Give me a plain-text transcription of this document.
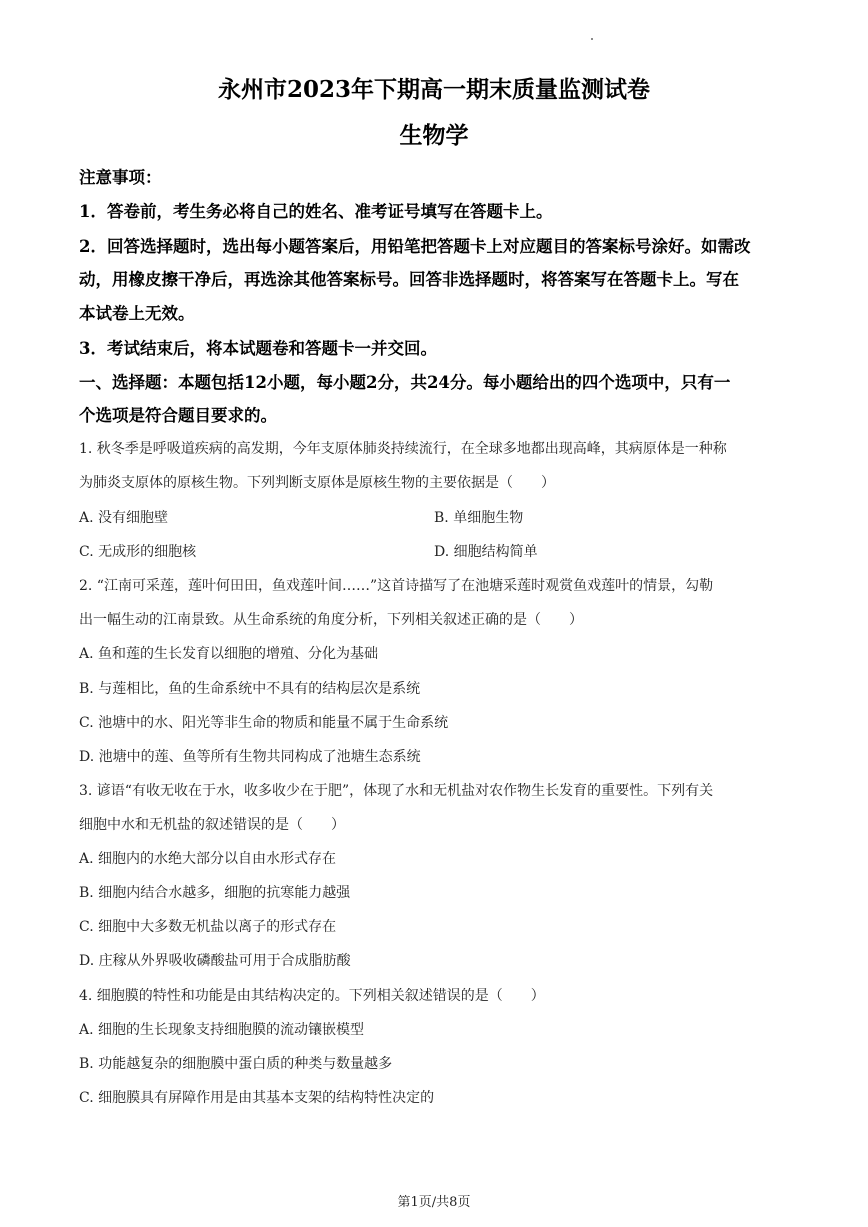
永州市2023年下期高一期末质量监测试卷
生物学
注意事项：
1．答卷前，考生务必将自己的姓名、准考证号填写在答题卡上。
2．回答选择题时，选出每小题答案后，用铅笔把答题卡上对应题目的答案标号涂好。如需改
动，用橡皮擦干净后，再选涂其他答案标号。回答非选择题时，将答案写在答题卡上。写在
本试卷上无效。
3．考试结束后，将本试题卷和答题卡一并交回。
一、选择题：本题包括12小题，每小题2分，共24分。每小题给出的四个选项中，只有一
个选项是符合题目要求的。
1. 秋冬季是呼吸道疾病的高发期，今年支原体肺炎持续流行，在全球多地都出现高峰，其病原体是一种称
为肺炎支原体的原核生物。下列判断支原体是原核生物的主要依据是（　　）
A. 没有细胞壁	B. 单细胞生物
C. 无成形的细胞核	D. 细胞结构简单
2. “江南可采莲，莲叶何田田，鱼戏莲叶间……”这首诗描写了在池塘采莲时观赏鱼戏莲叶的情景，勾勒
出一幅生动的江南景致。从生命系统的角度分析，下列相关叙述正确的是（　　）
A. 鱼和莲的生长发育以细胞的增殖、分化为基础
B. 与莲相比，鱼的生命系统中不具有的结构层次是系统
C. 池塘中的水、阳光等非生命的物质和能量不属于生命系统
D. 池塘中的莲、鱼等所有生物共同构成了池塘生态系统
3. 谚语“有收无收在于水，收多收少在于肥”，体现了水和无机盐对农作物生长发育的重要性。下列有关
细胞中水和无机盐的叙述错误的是（　　）
A. 细胞内的水绝大部分以自由水形式存在
B. 细胞内结合水越多，细胞的抗寒能力越强
C. 细胞中大多数无机盐以离子的形式存在
D. 庄稼从外界吸收磷酸盐可用于合成脂肪酸
4. 细胞膜的特性和功能是由其结构决定的。下列相关叙述错误的是（　　）
A. 细胞的生长现象支持细胞膜的流动镶嵌模型
B. 功能越复杂的细胞膜中蛋白质的种类与数量越多
C. 细胞膜具有屏障作用是由其基本支架的结构特性决定的
第1页/共8页
